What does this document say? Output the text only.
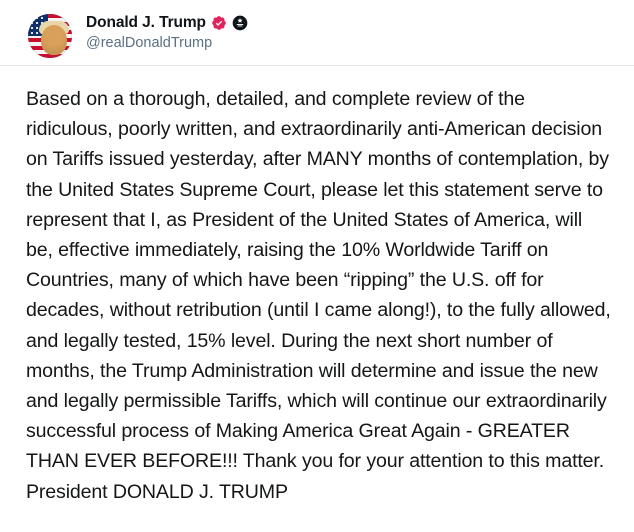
Donald J. Trump
@realDonaldTrump
Based on a thorough, detailed, and complete review of the ridiculous, poorly written, and extraordinarily anti-American decision on Tariffs issued yesterday, after MANY months of contemplation, by the United States Supreme Court, please let this statement serve to represent that I, as President of the United States of America, will be, effective immediately, raising the 10% Worldwide Tariff on Countries, many of which have been “ripping” the U.S. off for decades, without retribution (until I came along!), to the fully allowed, and legally tested, 15% level. During the next short number of months, the Trump Administration will determine and issue the new and legally permissible Tariffs, which will continue our extraordinarily successful process of Making America Great Again - GREATER THAN EVER BEFORE!!! Thank you for your attention to this matter. President DONALD J. TRUMP
